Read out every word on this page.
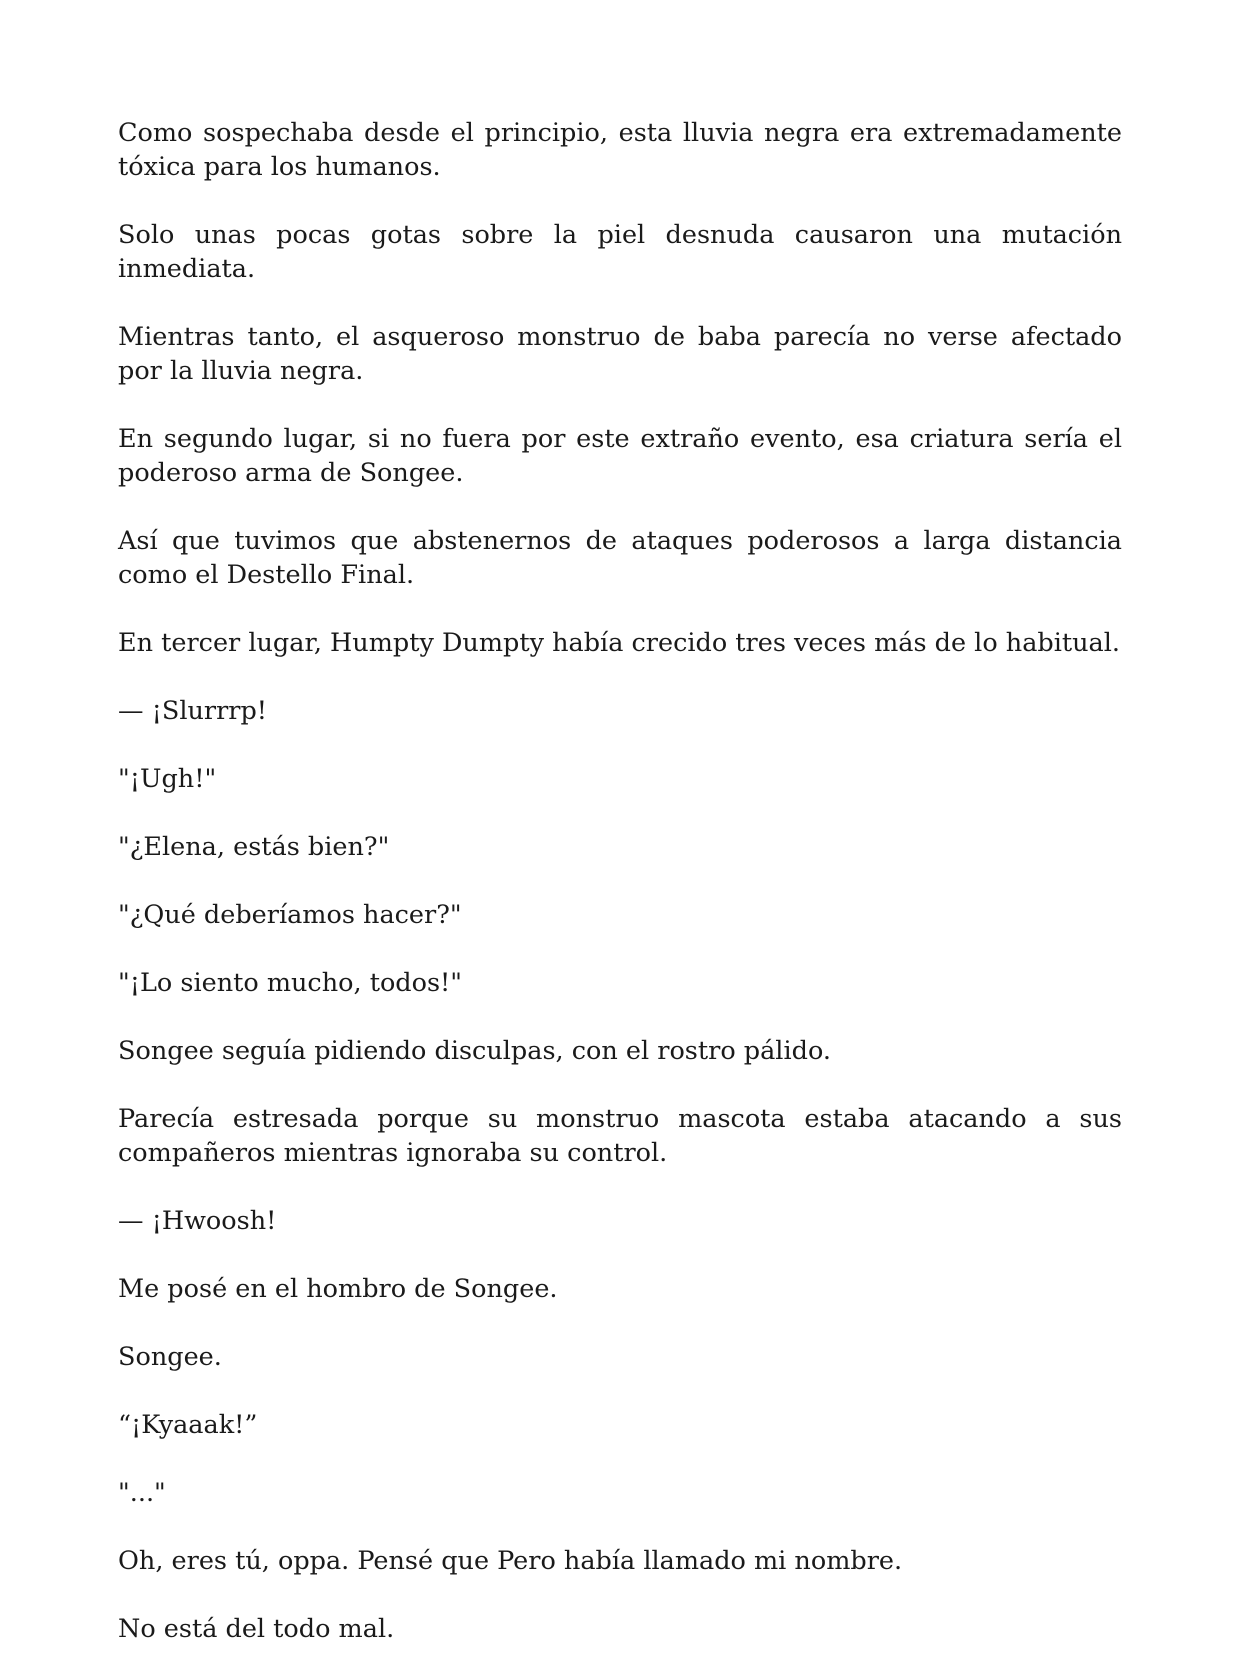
Como sospechaba desde el principio, esta lluvia negra era extremadamente tóxica para los humanos.

Solo unas pocas gotas sobre la piel desnuda causaron una mutación inmediata.

Mientras tanto, el asqueroso monstruo de baba parecía no verse afectado por la lluvia negra.

En segundo lugar, si no fuera por este extraño evento, esa criatura sería el poderoso arma de Songee.

Así que tuvimos que abstenernos de ataques poderosos a larga distancia como el Destello Final.

En tercer lugar, Humpty Dumpty había crecido tres veces más de lo habitual.

— ¡Slurrrp!

"¡Ugh!"

"¿Elena, estás bien?"

"¿Qué deberíamos hacer?"

"¡Lo siento mucho, todos!"

Songee seguía pidiendo disculpas, con el rostro pálido.

Parecía estresada porque su monstruo mascota estaba atacando a sus compañeros mientras ignoraba su control.

— ¡Hwoosh!

Me posé en el hombro de Songee.

Songee.

“¡Kyaaak!”

"..."

Oh, eres tú, oppa. Pensé que Pero había llamado mi nombre.

No está del todo mal.
